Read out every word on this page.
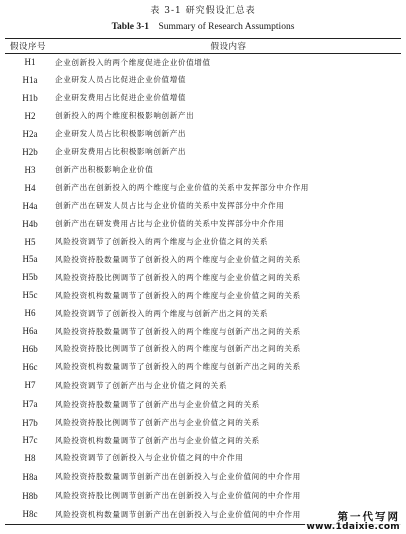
表 3-1 研究假设汇总表
Table 3-1 Summary of Research Assumptions
假设序号	假设内容
H1	企业创新投入的两个维度促进企业价值增值
H1a	企业研发人员占比促进企业价值增值
H1b	企业研发费用占比促进企业价值增值
H2	创新投入的两个维度积极影响创新产出
H2a	企业研发人员占比积极影响创新产出
H2b	企业研发费用占比积极影响创新产出
H3	创新产出积极影响企业价值
H4	创新产出在创新投入的两个维度与企业价值的关系中发挥部分中介作用
H4a	创新产出在研发人员占比与企业价值的关系中发挥部分中介作用
H4b	创新产出在研发费用占比与企业价值的关系中发挥部分中介作用
H5	风险投资调节了创新投入的两个维度与企业价值之间的关系
H5a	风险投资持股数量调节了创新投入的两个维度与企业价值之间的关系
H5b	风险投资持股比例调节了创新投入的两个维度与企业价值之间的关系
H5c	风险投资机构数量调节了创新投入的两个维度与企业价值之间的关系
H6	风险投资调节了创新投入的两个维度与创新产出之间的关系
H6a	风险投资持股数量调节了创新投入的两个维度与创新产出之间的关系
H6b	风险投资持股比例调节了创新投入的两个维度与创新产出之间的关系
H6c	风险投资机构数量调节了创新投入的两个维度与创新产出之间的关系
H7	风险投资调节了创新产出与企业价值之间的关系
H7a	风险投资持股数量调节了创新产出与企业价值之间的关系
H7b	风险投资持股比例调节了创新产出与企业价值之间的关系
H7c	风险投资机构数量调节了创新产出与企业价值之间的关系
H8	风险投资调节了创新投入与企业价值之间的中介作用
H8a	风险投资持股数量调节创新产出在创新投入与企业价值间的中介作用
H8b	风险投资持股比例调节创新产出在创新投入与企业价值间的中介作用
H8c	风险投资机构数量调节创新产出在创新投入与企业价值间的中介作用	第一代写网
www.1daixie.com
